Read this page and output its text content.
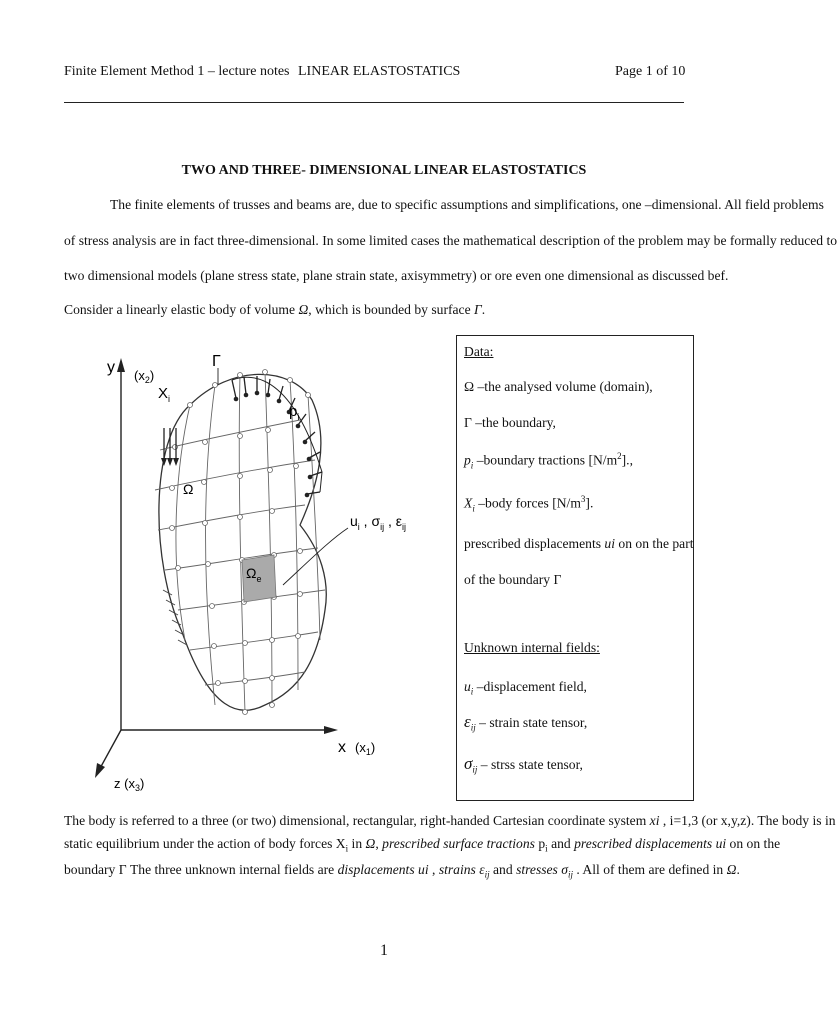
Finite Element Method 1 – lecture notes LINEAR ELASTOSTATICS	Page 1 of 10
TWO AND THREE- DIMENSIONAL LINEAR ELASTOSTATICS
The finite elements of trusses and beams are, due to specific assumptions and simplifications, one –dimensional. All field problems
of stress analysis are in fact three-dimensional. In some limited cases the mathematical description of the problem may be formally reduced to
two dimensional models (plane stress state, plane strain state, axisymmetry) or ore even one dimensional as discussed bef.
Consider a linearly elastic body of volume Ω, which is bounded by surface Γ.
y $(x_2)$
Γ
$X_i$
$p_i$
Ω
$\Omega_e$
$u_i$ , $\sigma_{ij}$ , $\varepsilon_{ij}$
x $(x_1)$
z $(x_3)$
Data:
Ω –the analysed volume (domain),
Γ –the boundary,
$p_i$ –boundary tractions $[N/m^2]$.,
$X_i$ –body forces $[N/m^3]$.
prescribed displacements ui on on the part
of the boundary Γ
Unknown internal fields:
$u_i$ –displacement field,
$\varepsilon_{ij}$ – strain state tensor,
$\sigma_{ij}$ – strss state tensor,
The body is referred to a three (or two) dimensional, rectangular, right-handed Cartesian coordinate system xi , i=1,3 (or x,y,z). The body is in
static equilibrium under the action of body forces $X_i$ in Ω, prescribed surface tractions $p_i$ and prescribed displacements ui on on the
boundary Γ The three unknown internal fields are displacements ui , strains $\varepsilon_{ij}$ and stresses $\sigma_{ij}$ . All of them are defined in Ω.
1
